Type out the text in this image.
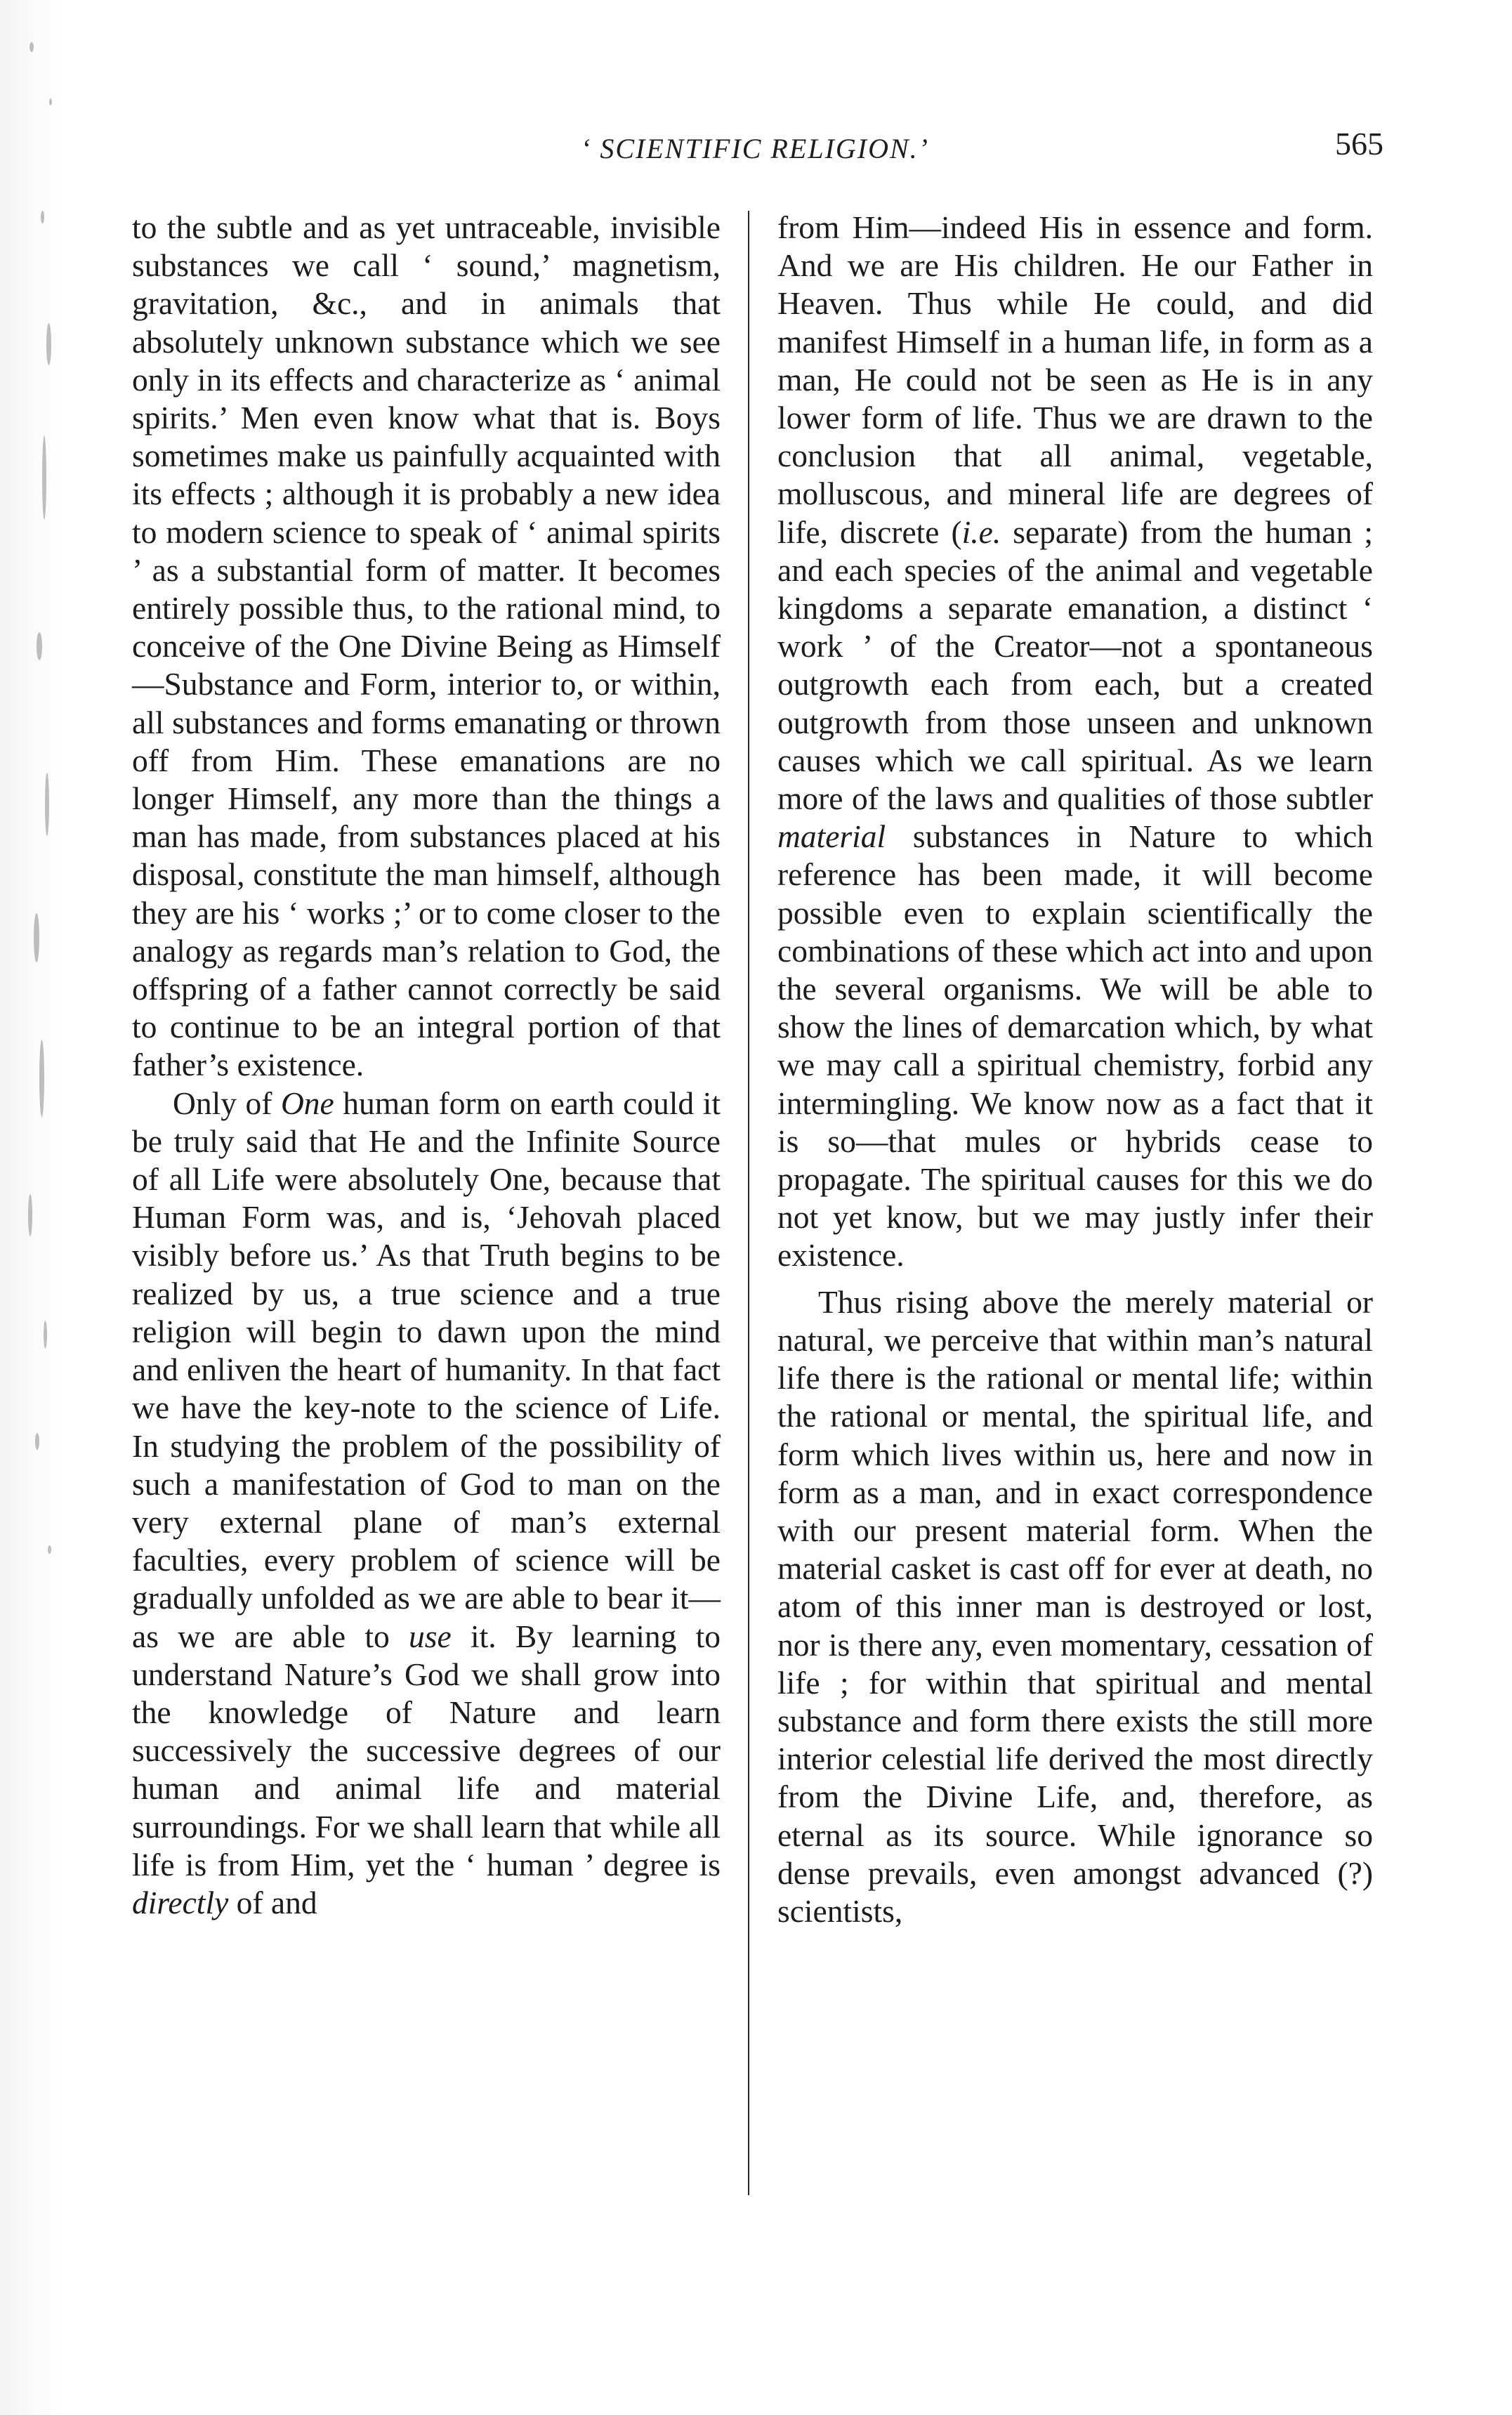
‘ SCIENTIFIC RELIGION.’	565

to the subtle and as yet untraceable, invisible substances we call ‘ sound,’ magnetism, gravitation, &c., and in animals that absolutely unknown substance which we see only in its effects and characterize as ‘ animal spirits.’ Men even know what that is. Boys sometimes make us painfully acquainted with its effects ; although it is probably a new idea to modern science to speak of ‘ animal spirits ’ as a substantial form of matter. It becomes entirely possible thus, to the rational mind, to conceive of the One Divine Being as Himself—Substance and Form, interior to, or within, all substances and forms emanating or thrown off from Him. These emanations are no longer Himself, any more than the things a man has made, from substances placed at his disposal, constitute the man himself, although they are his ‘ works ;’ or to come closer to the analogy as regards man’s relation to God, the offspring of a father cannot correctly be said to continue to be an integral portion of that father’s existence.

Only of One human form on earth could it be truly said that He and the Infinite Source of all Life were absolutely One, because that Human Form was, and is, ‘Jehovah placed visibly before us.’ As that Truth begins to be realized by us, a true science and a true religion will begin to dawn upon the mind and enliven the heart of humanity. In that fact we have the key-note to the science of Life. In studying the problem of the possibility of such a manifestation of God to man on the very external plane of man’s external faculties, every problem of science will be gradually unfolded as we are able to bear it—as we are able to use it. By learning to understand Nature’s God we shall grow into the knowledge of Nature and learn successively the successive degrees of our human and animal life and material surroundings. For we shall learn that while all life is from Him, yet the ‘ human ’ degree is directly of and

from Him—indeed His in essence and form. And we are His children. He our Father in Heaven. Thus while He could, and did manifest Himself in a human life, in form as a man, He could not be seen as He is in any lower form of life. Thus we are drawn to the conclusion that all animal, vegetable, molluscous, and mineral life are degrees of life, discrete (i.e. separate) from the human ; and each species of the animal and vegetable kingdoms a separate emanation, a distinct ‘ work ’ of the Creator—not a spontaneous outgrowth each from each, but a created outgrowth from those unseen and unknown causes which we call spiritual. As we learn more of the laws and qualities of those subtler material substances in Nature to which reference has been made, it will become possible even to explain scientifically the combinations of these which act into and upon the several organisms. We will be able to show the lines of demarcation which, by what we may call a spiritual chemistry, forbid any intermingling. We know now as a fact that it is so—that mules or hybrids cease to propagate. The spiritual causes for this we do not yet know, but we may justly infer their existence.

Thus rising above the merely material or natural, we perceive that within man’s natural life there is the rational or mental life; within the rational or mental, the spiritual life, and form which lives within us, here and now in form as a man, and in exact correspondence with our present material form. When the material casket is cast off for ever at death, no atom of this inner man is destroyed or lost, nor is there any, even momentary, cessation of life ; for within that spiritual and mental substance and form there exists the still more interior celestial life derived the most directly from the Divine Life, and, therefore, as eternal as its source. While ignorance so dense prevails, even amongst advanced (?) scientists,
